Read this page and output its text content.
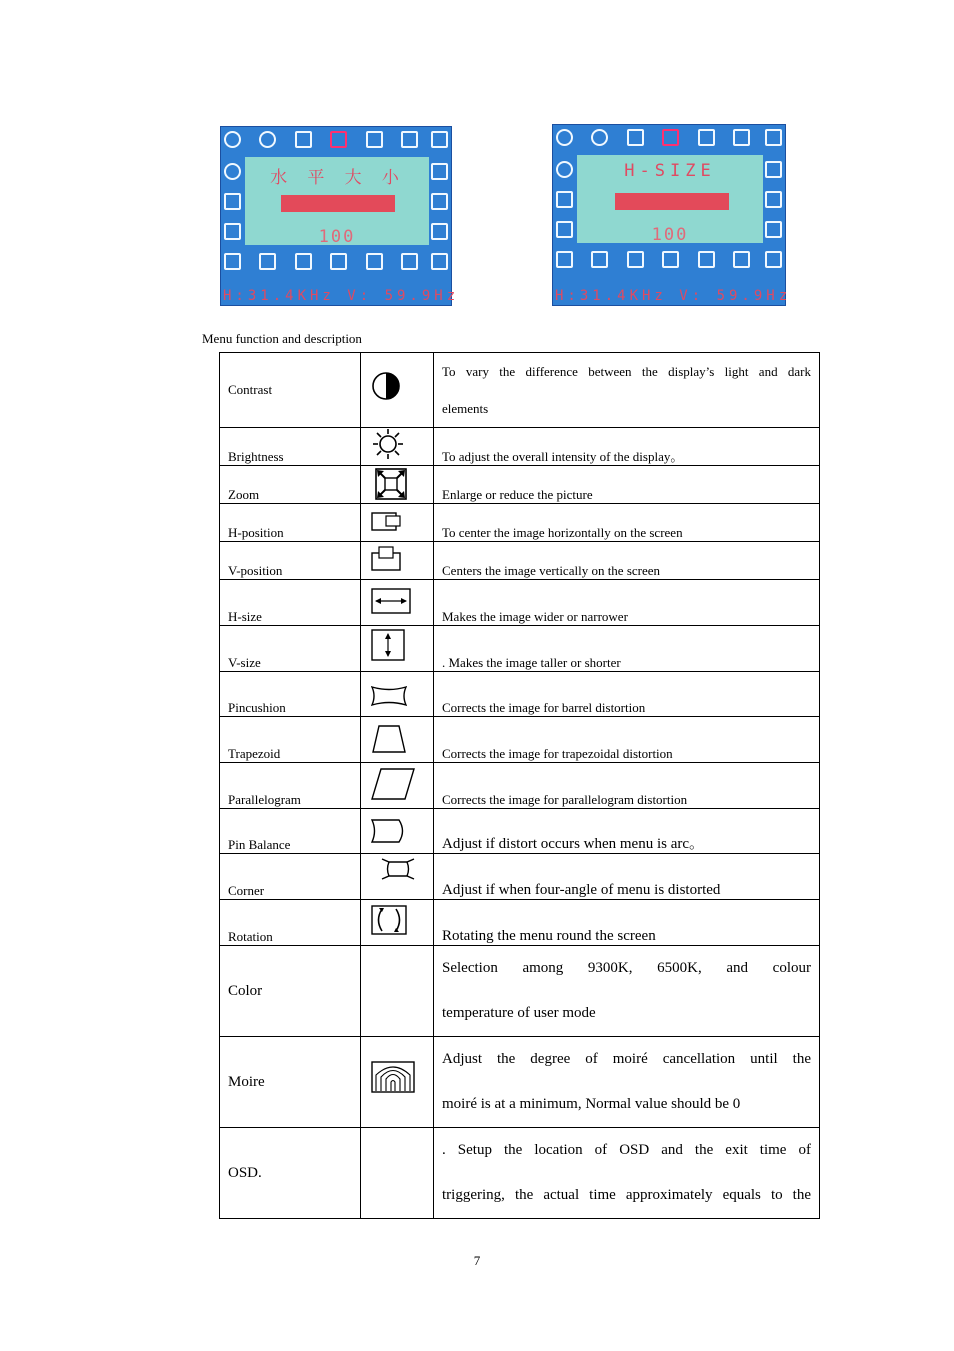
水 平 大 小
100
H:31.4KHz V: 59.9Hz
H-SIZE
100
H:31.4KHz V: 59.9Hz
Menu function and description
Contrast		To vary the difference between the display’s light and dark
elements

Brightness		To adjust the overall intensity of the display。
Zoom		Enlarge or reduce the picture
H-position		To center the image horizontally on the screen
V-position		Centers the image vertically on the screen
H-size		Makes the image wider or narrower
V-size		. Makes the image taller or shorter
Pincushion		Corrects the image for barrel distortion
Trapezoid		Corrects the image for trapezoidal distortion
Parallelogram		Corrects the image for parallelogram distortion
Pin Balance		Adjust if distort occurs when menu is arc。
Corner		Adjust if when four-angle of menu is distorted
Rotation		Rotating the menu round the screen
Color		Selection among 9300K, 6500K, and colour
temperature of user mode

Moire		Adjust the degree of moiré cancellation until the
moiré is at a minimum, Normal value should be 0

OSD.		. Setup the location of OSD and the exit time of
triggering, the actual time approximately equals to the
7
